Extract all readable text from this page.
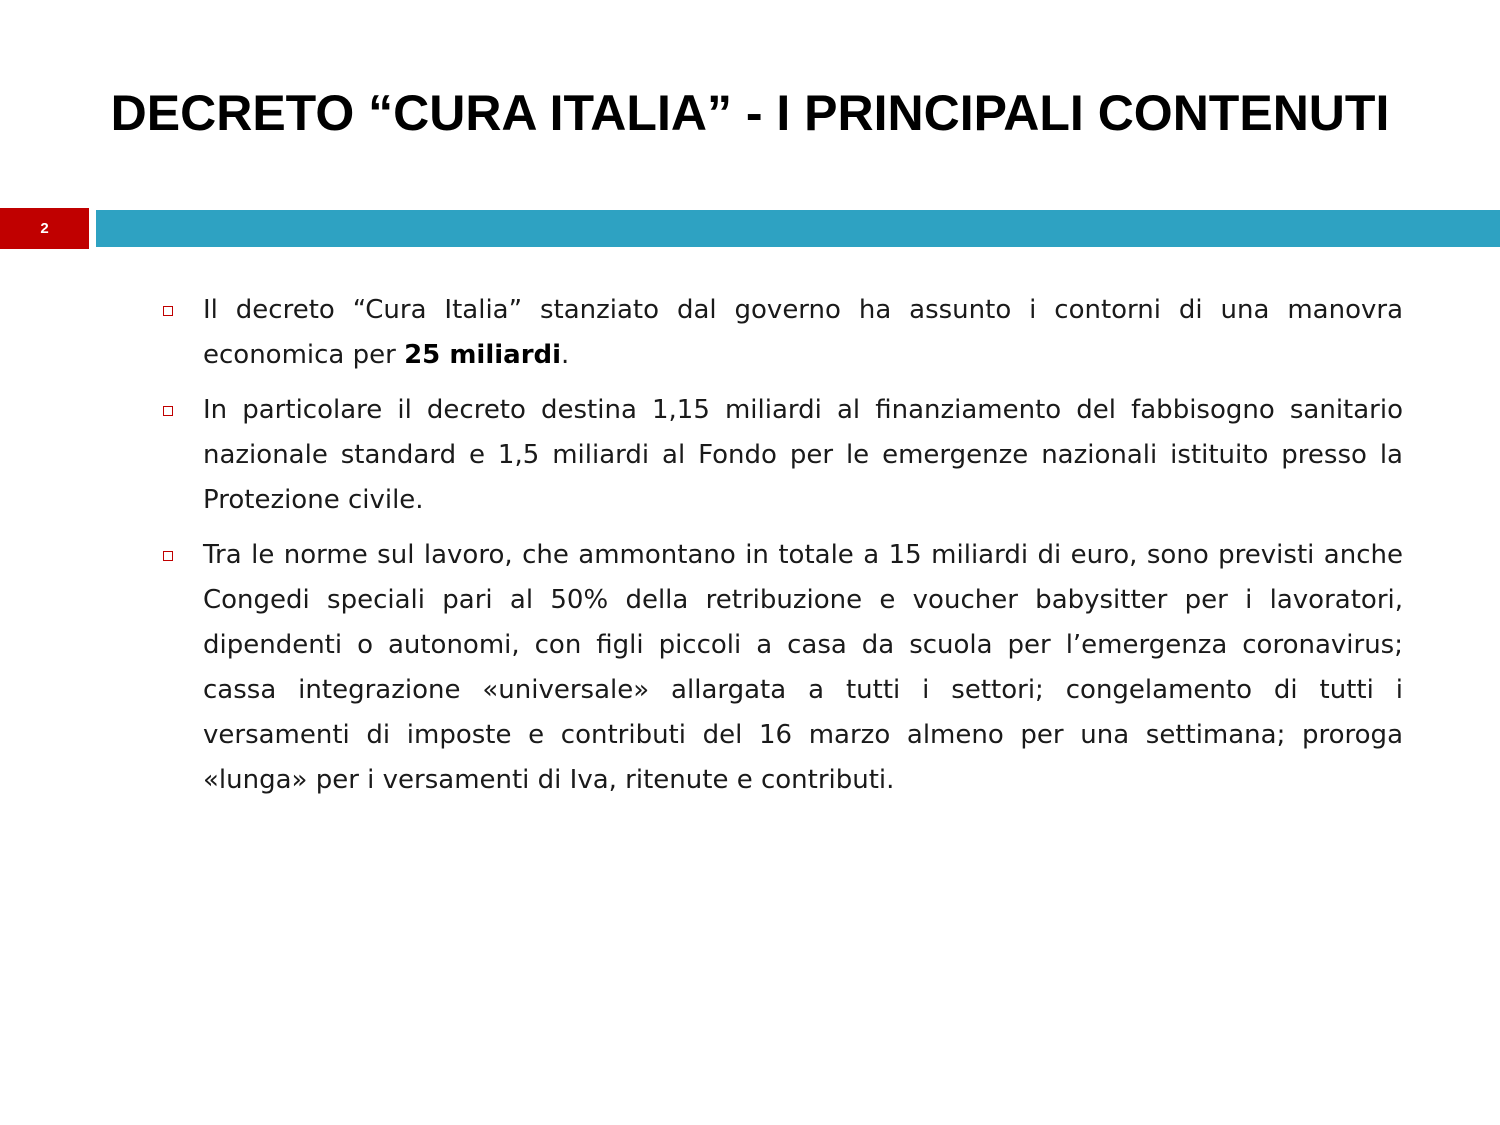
DECRETO “CURA ITALIA” - I PRINCIPALI CONTENUTI
2
Il decreto “Cura Italia” stanziato dal governo ha assunto i contorni di una manovra economica per 25 miliardi.
In particolare il decreto destina 1,15 miliardi al finanziamento del fabbisogno sanitario nazionale standard e 1,5 miliardi al Fondo per le emergenze nazionali istituito presso la Protezione civile.
Tra le norme sul lavoro, che ammontano in totale a 15 miliardi di euro, sono previsti anche Congedi speciali pari al 50% della retribuzione e voucher babysitter per i lavoratori, dipendenti o autonomi, con figli piccoli a casa da scuola per l’emergenza coronavirus; cassa integrazione «universale» allargata a tutti i settori; congelamento di tutti i versamenti di imposte e contributi del 16 marzo almeno per una settimana; proroga «lunga» per i versamenti di Iva, ritenute e contributi.
